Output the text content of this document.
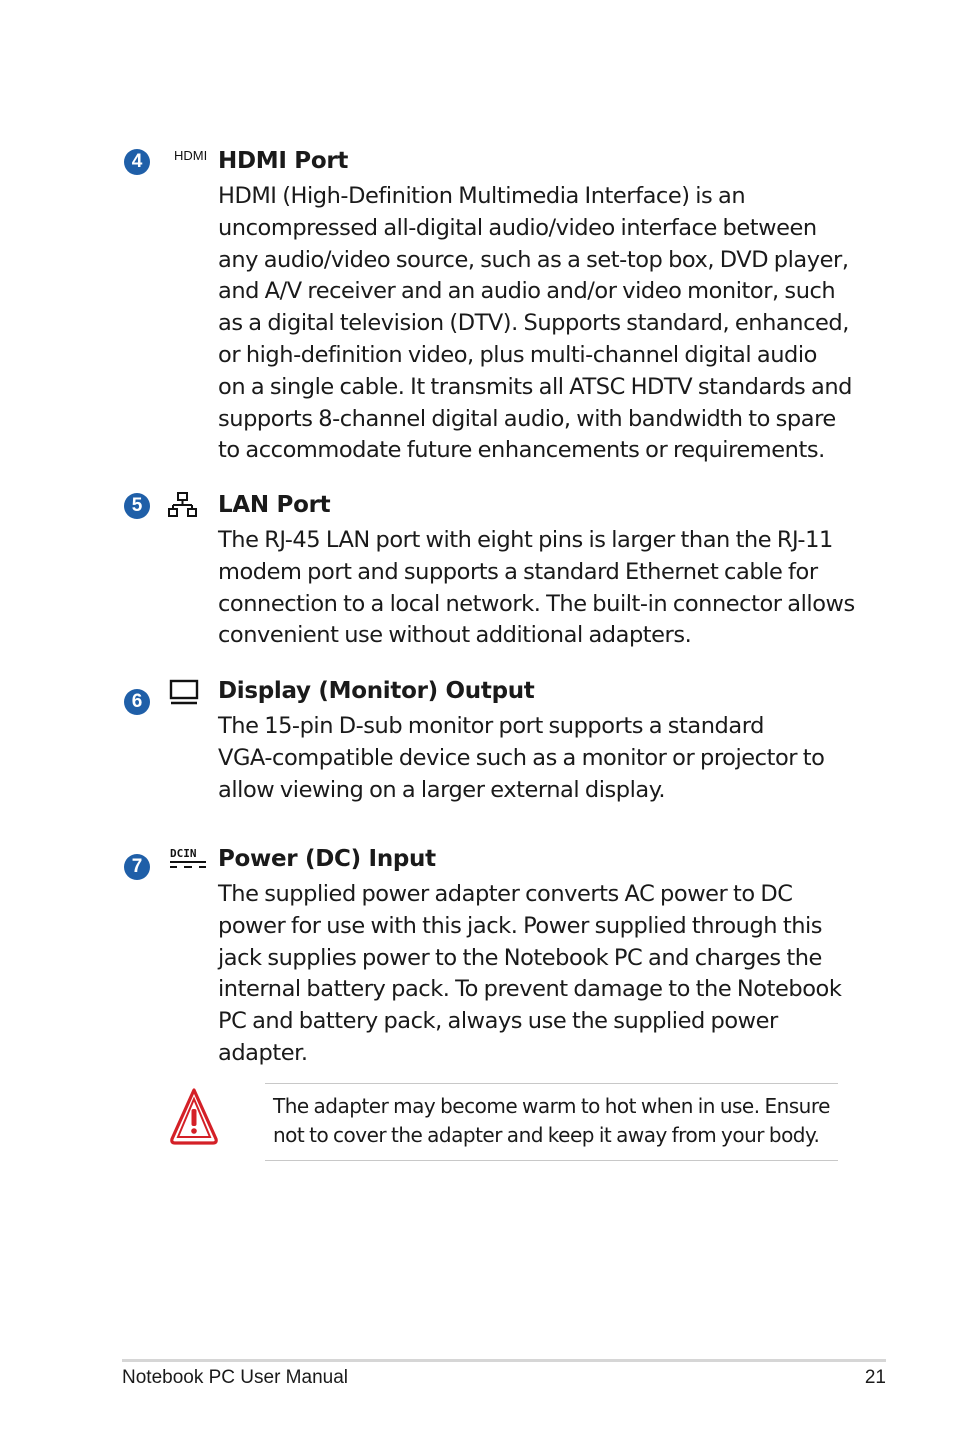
4	HDMI HDMI Port
HDMI (High-Definition Multimedia Interface) is an
uncompressed all-digital audio/video interface between
any audio/video source, such as a set-top box, DVD player,
and A/V receiver and an audio and/or video monitor, such
as a digital television (DTV). Supports standard, enhanced,
or high-definition video, plus multi-channel digital audio
on a single cable. It transmits all ATSC HDTV standards and
supports 8-channel digital audio, with bandwidth to spare
to accommodate future enhancements or requirements.
5	LAN Port
The RJ-45 LAN port with eight pins is larger than the RJ-11
modem port and supports a standard Ethernet cable for
connection to a local network. The built-in connector allows
convenient use without additional adapters.
6	Display (Monitor) Output
The 15-pin D-sub monitor port supports a standard
VGA-compatible device such as a monitor or projector to
allow viewing on a larger external display.
7
DCIN Power (DC) Input
The supplied power adapter converts AC power to DC
power for use with this jack. Power supplied through this
jack supplies power to the Notebook PC and charges the
internal battery pack. To prevent damage to the Notebook
PC and battery pack, always use the supplied power
adapter.
The adapter may become warm to hot when in use. Ensure
not to cover the adapter and keep it away from your body.
Notebook PC User Manual	21
